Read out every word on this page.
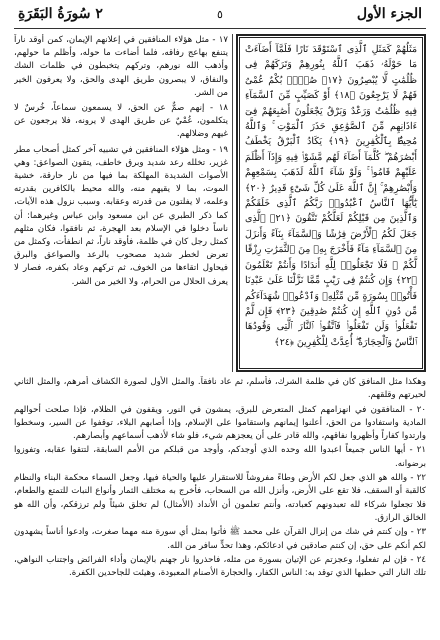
الجزء الأول
٥
٢ سُورَةُ البَقَرَةِ

مَثَلُهُمْ كَمَثَلِ ٱلَّذِى ٱسْتَوْقَدَ نَارًا فَلَمَّآ أَضَآءَتْ مَا حَوْلَهُۥ ذَهَبَ ٱللَّهُ بِنُورِهِمْ وَتَرَكَهُمْ فِى ظُلُمَٰتٍ لَّا يُبْصِرُونَ ﴿١٧﴾ صُمٌّۢ بُكْمٌ عُمْىٌ فَهُمْ لَا يَرْجِعُونَ ﴿١٨﴾ أَوْ كَصَيِّبٍ مِّنَ ٱلسَّمَآءِ فِيهِ ظُلُمَٰتٌ وَرَعْدٌ وَبَرْقٌ يَجْعَلُونَ أَصَٰبِعَهُمْ فِىٓ ءَاذَانِهِم مِّنَ ٱلصَّوَٰعِقِ حَذَرَ ٱلْمَوْتِ ۚ وَٱللَّهُ مُحِيطٌۢ بِٱلْكَٰفِرِينَ ﴿١٩﴾ يَكَادُ ٱلْبَرْقُ يَخْطَفُ أَبْصَٰرَهُمْ ۖ كُلَّمَآ أَضَآءَ لَهُم مَّشَوْا۟ فِيهِ وَإِذَآ أَظْلَمَ عَلَيْهِمْ قَامُوا۟ ۚ وَلَوْ شَآءَ ٱللَّهُ لَذَهَبَ بِسَمْعِهِمْ وَأَبْصَٰرِهِمْ ۚ إِنَّ ٱللَّهَ عَلَىٰ كُلِّ شَىْءٍ قَدِيرٌ ﴿٢٠﴾ يَٰٓأَيُّهَا ٱلنَّاسُ ٱعْبُدُوا۟ رَبَّكُمُ ٱلَّذِى خَلَقَكُمْ وَٱلَّذِينَ مِن قَبْلِكُمْ لَعَلَّكُمْ تَتَّقُونَ ﴿٢١﴾ ٱلَّذِى جَعَلَ لَكُمُ ٱلْأَرْضَ فِرَٰشًا وَٱلسَّمَآءَ بِنَآءً وَأَنزَلَ مِنَ ٱلسَّمَآءِ مَآءً فَأَخْرَجَ بِهِۦ مِنَ ٱلثَّمَرَٰتِ رِزْقًا لَّكُمْ ۖ فَلَا تَجْعَلُوا۟ لِلَّهِ أَندَادًا وَأَنتُمْ تَعْلَمُونَ ﴿٢٢﴾ وَإِن كُنتُمْ فِى رَيْبٍ مِّمَّا نَزَّلْنَا عَلَىٰ عَبْدِنَا فَأْتُوا۟ بِسُورَةٍ مِّن مِّثْلِهِۦ وَٱدْعُوا۟ شُهَدَآءَكُم مِّن دُونِ ٱللَّهِ إِن كُنتُمْ صَٰدِقِينَ ﴿٢٣﴾ فَإِن لَّمْ تَفْعَلُوا۟ وَلَن تَفْعَلُوا۟ فَٱتَّقُوا۟ ٱلنَّارَ ٱلَّتِى وَقُودُهَا ٱلنَّاسُ وَٱلْحِجَارَةُ ۖ أُعِدَّتْ لِلْكَٰفِرِينَ ﴿٢٤﴾

١٧ - مثل هؤلاء المنافقين في إعلانهم الإيمان، كمن أوقد ناراً يتنفع بهاعج رفاقه، فلما أضاءت ما حوله، وأظلم ما حولهم، وأذهب الله نورهم، وتركهم يتخبطون في ظلمات الشك والنفاق، لا يبصرون طريق الهدى والحق، ولا يعرفون الخير من الشر.

١٨ - إنهم صمٌّ عن الحق، لا يسمعون سماعاً، خُرسٌ لا يتكلمون، عُمْيٌ عن طريق الهدى لا يرونه، فلا يرجعون عن غيهم وضلالهم.

١٩ - ومثل هؤلاء المنافقين في تشبيه آخر كمثل أصحاب مطر غزير، تخلله رعد شديد وبرق خاطف، يتقون الصواعق: وهي الأصوات الشديدة المهلكة بما فيها من نار حارقة، خشية الموت، بما لا يقيهم منه، والله محيط بالكافرين بقدرته وعلمه، لا يفلتون من قدرته وعقابه. وسبب نزول هذه الآيات، كما ذكر الطبري عن ابن مسعود وابن عباس وغيرهما: أن ناساً دخلوا في الإسلام بعد الهجرة، ثم نافقوا، فكان مثلهم كمثل رجل كان في ظلمة، فأوقد ناراً، ثم انطفأت، وكمثل من تعرض لخطر شديد مصحوب بالرعد والصواعق والبرق فيحاول اتقاءها من الخوف، ثم تركهم وعاد بكفره، فصار لا يعرف الحلال من الحرام، ولا الخير من الشر.

وهكذا مثل المنافق كان في ظلمة الشرك، فأسلم، ثم عاد نافقاً. والمثل الأول لصورة الكشاف أمرهم، والمثل الثاني لحيرتهم وقلقهم.

٢٠ - المنافقون في انهزامهم كمثل المتعرض للبرق، يمشون في النور، ويقفون في الظلام، فإذا صلحت أحوالهم المادية واستفادوا من الحق، أعلنوا إيمانهم واستقاموا على الإسلام، وإذا أصابهم البلاء، توقفوا عن السير، وسخطوا وارتدوا كفاراً وأظهروا نفاقهم، والله قادر على أن يعجزهم شيء، فلو شاء لأذهب أسماعهم وأبصارهم.

٢١ - أيها الناس جميعاً اعبدوا الله وحده الذي أوجدكم، وأوجد من قبلكم من الأمم السابقة، لتتقوا عقابه، وتفوزوا برضوانه.

٢٢ - والله هو الذي جعل لكم الأرض وطاءً مفروشاً للاستقرار عليها والحياة فيها، وجعل السماء محكمة البناء والنظام كالقبة أو السقف، فلا تقع على الأرض، وأنزل الله من السحاب، فأخرج به مختلف الثمار وأنواع النبات للتمتع والطعام، فلا تجعلوا شركاء لله تعبدونهم كعبادته، وأنتم تعلمون أن الأنداد (الأمثال) لم تخلق شيئاً ولم ترزقكم، وأن الله هو الخالق الرازق.

٢٣ - وإن كنتم في شك من إنزال القرآن على محمد ﷺ فأتوا بمثل أي سورة منه مهما صغرت، وادعوا أناساً يشهدون لكم أنكم على حق، إن كنتم صادقين في ادعائكم، وهذا تحدٍّ سافر من الله.

٢٤ - فإن لم تفعلوا، وعجزتم عن الإتيان بسورة من مثله، فاحذروا نار جهنم بالإيمان وأداء الفرائض واجتناب النواهي، تلك النار التي حطبها الذي توقد به: الناس الكفار، والحجارة الأصنام المعبودة، وهيئت للجاحدين الكفرة.
